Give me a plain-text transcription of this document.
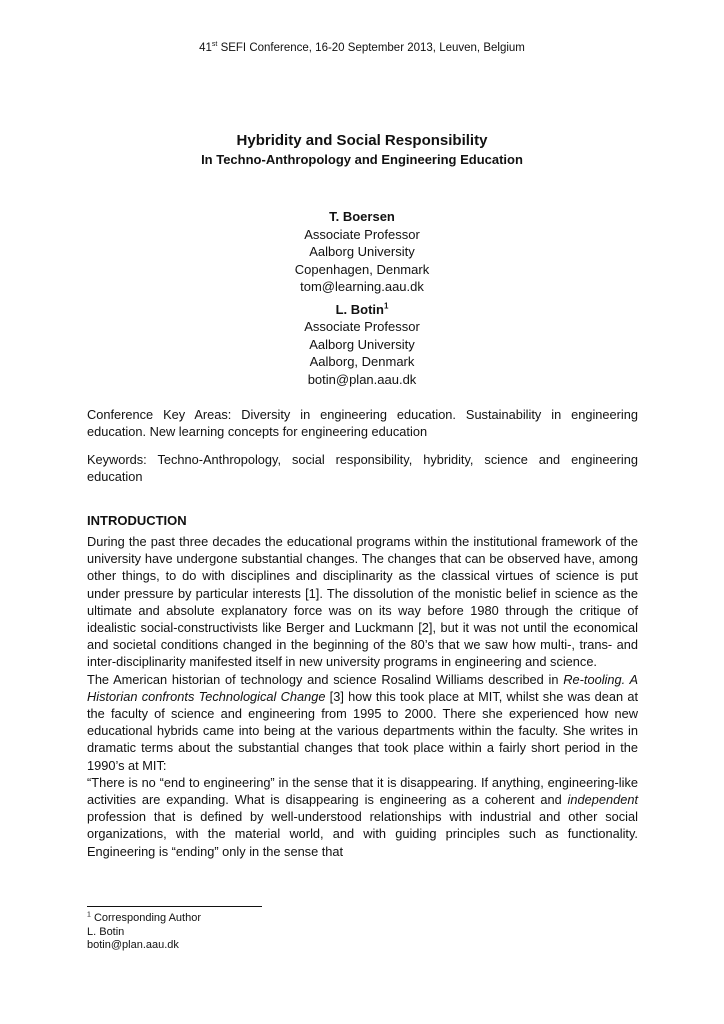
41st SEFI Conference, 16-20 September 2013, Leuven, Belgium
Hybridity and Social Responsibility
In Techno-Anthropology and Engineering Education
T. Boersen
Associate Professor
Aalborg University
Copenhagen, Denmark
tom@learning.aau.dk
L. Botin$^1$
Associate Professor
Aalborg University
Aalborg, Denmark
botin@plan.aau.dk
Conference Key Areas: Diversity in engineering education. Sustainability in engineering education. New learning concepts for engineering education
Keywords: Techno-Anthropology, social responsibility, hybridity, science and engineering education
INTRODUCTION

During the past three decades the educational programs within the institutional framework of the university have undergone substantial changes. The changes that can be observed have, among other things, to do with disciplines and disciplinarity as the classical virtues of science is put under pressure by particular interests [1]. The dissolution of the monistic belief in science as the ultimate and absolute explanatory force was on its way before 1980 through the critique of idealistic social-constructivists like Berger and Luckmann [2], but it was not until the economical and societal conditions changed in the beginning of the 80’s that we saw how multi-, trans- and inter-disciplinarity manifested itself in new university programs in engineering and science.

The American historian of technology and science Rosalind Williams described in Re-tooling. A Historian confronts Technological Change [3] how this took place at MIT, whilst she was dean at the faculty of science and engineering from 1995 to 2000. There she experienced how new educational hybrids came into being at the various departments within the faculty. She writes in dramatic terms about the substantial changes that took place within a fairly short period in the 1990’s at MIT:

“There is no “end to engineering” in the sense that it is disappearing. If anything, engineering-like activities are expanding. What is disappearing is engineering as a coherent and independent profession that is defined by well-understood relationships with industrial and other social organizations, with the material world, and with guiding principles such as functionality. Engineering is “ending” only in the sense that

$^1$ Corresponding Author
L. Botin
botin@plan.aau.dk
